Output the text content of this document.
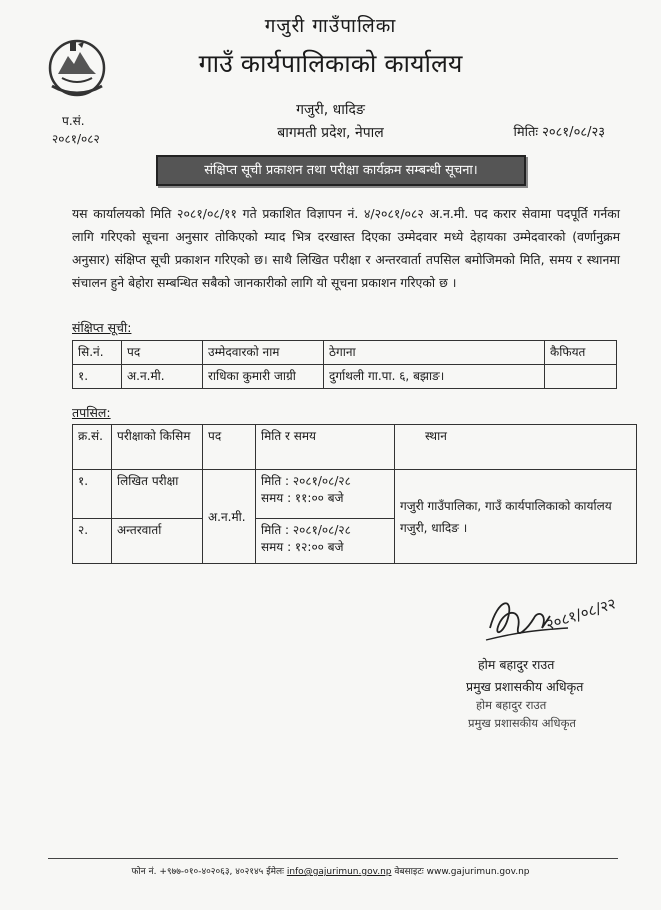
गजुरी गाउँपालिका
गाउँ कार्यपालिकाको कार्यालय
गजुरी, धादिङ
बागमती प्रदेश, नेपाल
प.सं.
२०८१/०८२	मितिः २०८१/०८/२३
संक्षिप्त सूची प्रकाशन तथा परीक्षा कार्यक्रम सम्बन्धी सूचना।
यस कार्यालयको मिति २०८१/०८/११ गते प्रकाशित विज्ञापन नं. ४/२०८१/०८२ अ.न.मी. पद करार सेवामा पदपूर्ति गर्नका लागि गरिएको सूचना अनुसार तोकिएको म्याद भित्र दरखास्त दिएका उम्मेदवार मध्ये देहायका उम्मेदवारको (वर्णानुक्रम अनुसार) संक्षिप्त सूची प्रकाशन गरिएको छ। साथै लिखित परीक्षा र अन्तरवार्ता तपसिल बमोजिमको मिति, समय र स्थानमा संचालन हुने बेहोरा सम्बन्धित सबैको जानकारीको लागि यो सूचना प्रकाशन गरिएको छ ।
संक्षिप्त सूची:
सि.नं.	पद	उम्मेदवारको नाम	ठेगाना	कैफियत
१.	अ.न.मी.	राधिका कुमारी जाग्री	दुर्गाथली गा.पा. ६, बझाङ।	
तपसिल:
क्र.सं.	परीक्षाको किसिम	पद	मिति र समय	स्थान
१.	लिखित परीक्षा	अ.न.मी.	मिति : २०८१/०८/२८
समय : ११:०० बजे	गजुरी गाउँपालिका, गाउँ कार्यपालिकाको कार्यालय गजुरी, धादिङ ।
२.	अन्तरवार्ता		मिति : २०८१/०८/२८
समय : १२:०० बजे	
२०८१/०८/२२
होम बहादुर राउत
प्रमुख प्रशासकीय अधिकृत
होम बहादुर राउत
प्रमुख प्रशासकीय अधिकृत
फोन नं. +९७७-०१०-४०२०६३, ४०२१४५ ईमेलः info@gajurimun.gov.np वेबसाइटः www.gajurimun.gov.np
